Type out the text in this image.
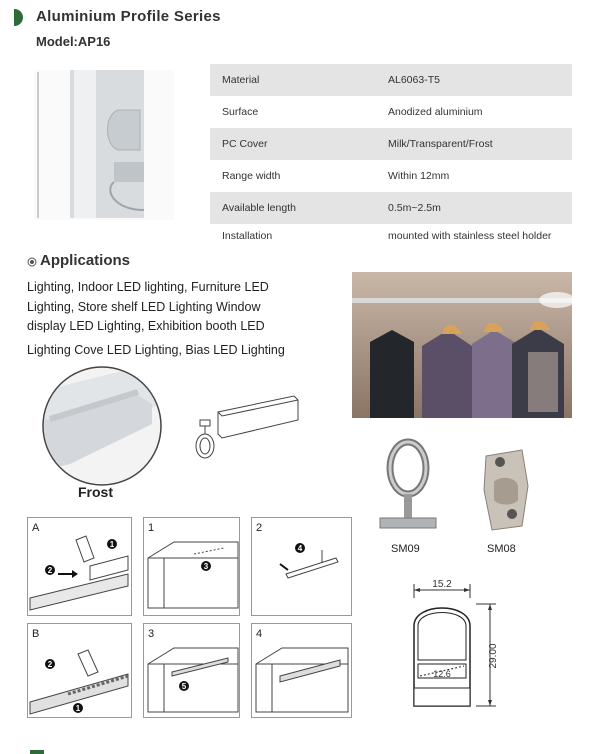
Aluminium Profile Series
Model:AP16
Material	AL6063-T5
Surface	Anodized aluminium
PC Cover	Milk/Transparent/Frost
Range width	Within 12mm
Available length	0.5m~2.5m
Installation	mounted with stainless steel holder
Applications
Lighting, Indoor LED lighting, Furniture LED
Lighting, Store shelf LED Lighting Window
display LED Lighting, Exhibition booth LED
Lighting Cove LED Lighting, Bias LED Lighting
Frost
SM09	SM08
A
1
2
1
3
2
4
B
2
1
3
5
4
15.2
12.6
29.00
